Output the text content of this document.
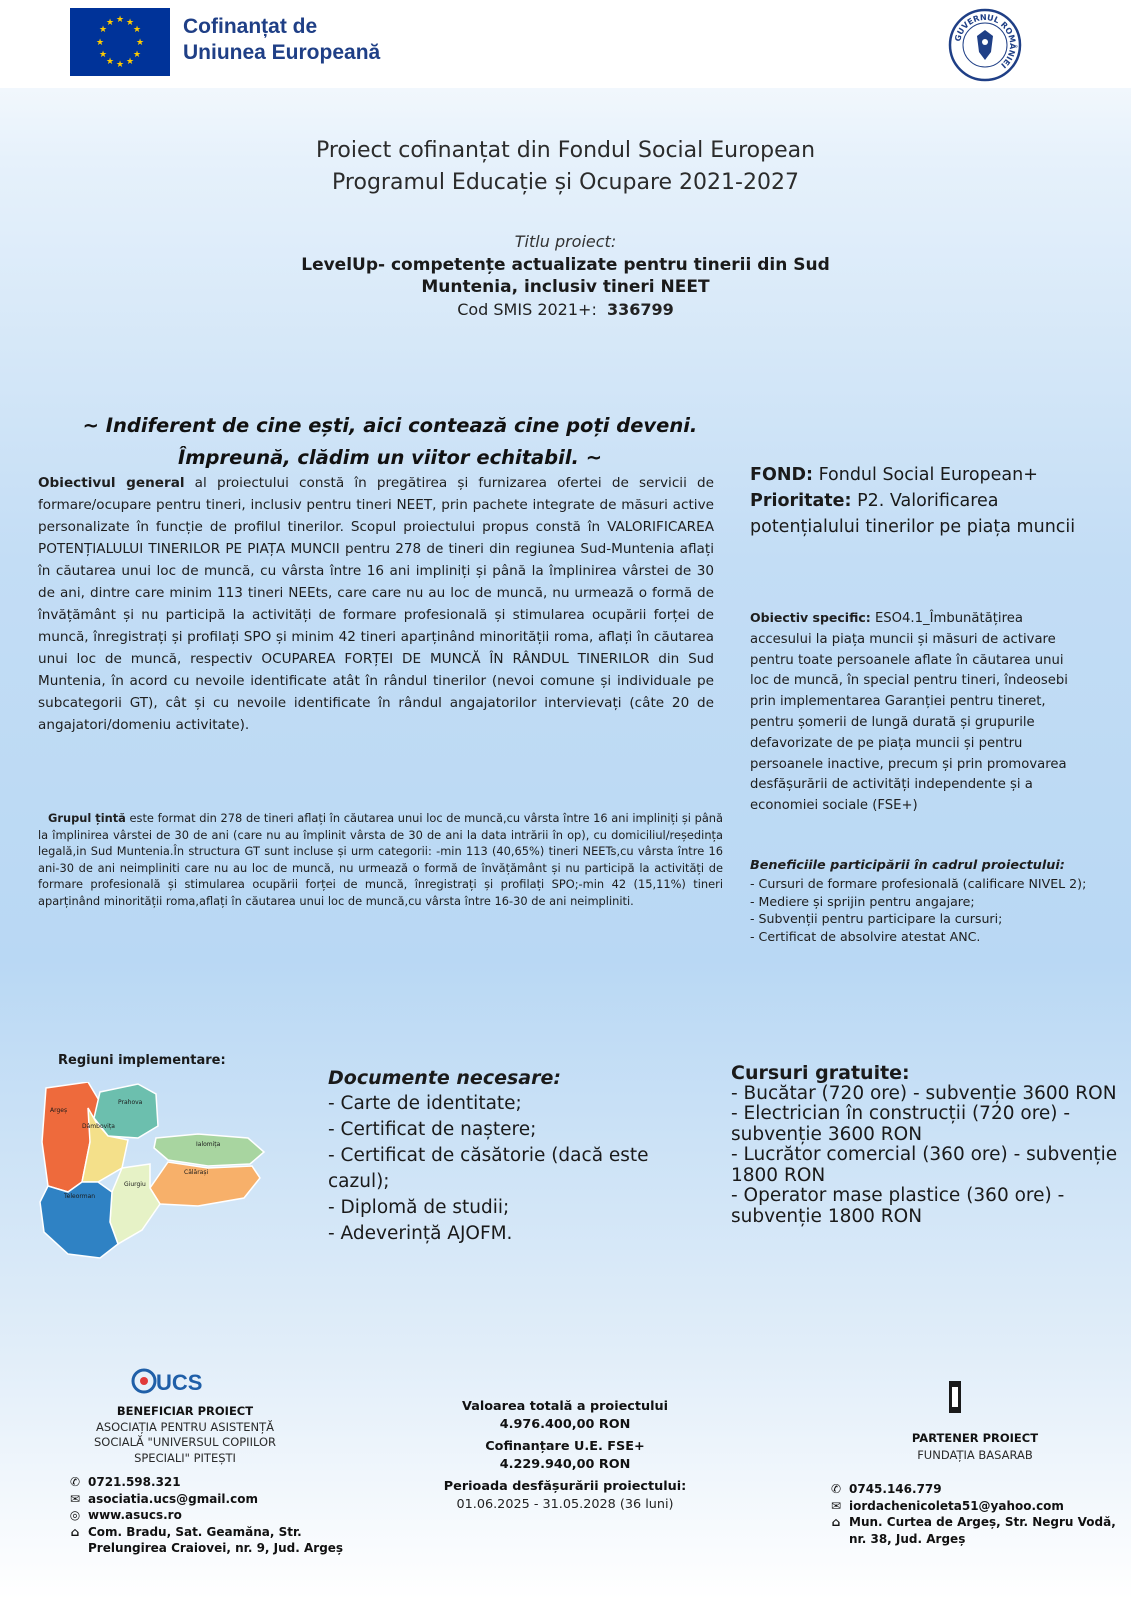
★ ★
★
★
★
★
★
★
★
★
★
★	Cofinanțat de
Uniunea Europeană
GUVERNUL ROMÂNIEI
Proiect cofinanțat din Fondul Social European
Programul Educație și Ocupare 2021-2027
Titlu proiect:
LevelUp- competențe actualizate pentru tinerii din Sud
Muntenia, inclusiv tineri NEET
Cod SMIS 2021+: 336799
~ Indiferent de cine ești, aici contează cine poți deveni.
Împreună, clădim un viitor echitabil. ~
Obiectivul general al proiectului constă în pregătirea și furnizarea ofertei de servicii de formare/ocupare pentru tineri, inclusiv pentru tineri NEET, prin pachete integrate de măsuri active personalizate în funcție de profilul tinerilor. Scopul proiectului propus constă în VALORIFICAREA POTENȚIALULUI TINERILOR PE PIAȚA MUNCII pentru 278 de tineri din regiunea Sud-Muntenia aflați în căutarea unui loc de muncă, cu vârsta între 16 ani impliniți și până la împlinirea vârstei de 30 de ani, dintre care minim 113 tineri NEEts, care care nu au loc de muncă, nu urmează o formă de învățământ și nu participă la activități de formare profesională și stimularea ocupării forței de muncă, înregistrați și profilați SPO și minim 42 tineri aparținând minorității roma, aflați în căutarea unui loc de muncă, respectiv OCUPAREA FORȚEI DE MUNCĂ ÎN RÂNDUL TINERILOR din Sud Muntenia, în acord cu nevoile identificate atât în rândul tinerilor (nevoi comune și individuale pe subcategorii GT), cât și cu nevoile identificate în rândul angajatorilor intervievați (câte 20 de angajatori/domeniu activitate).
Grupul țintă este format din 278 de tineri aflați în căutarea unui loc de muncă,cu vârsta între 16 ani impliniți și până la împlinirea vârstei de 30 de ani (care nu au împlinit vârsta de 30 de ani la data intrării în op), cu domiciliul/reședința legală,in Sud Muntenia.În structura GT sunt incluse și urm categorii: -min 113 (40,65%) tineri NEETs,cu vârsta între 16 ani-30 de ani neimpliniti care nu au loc de muncă, nu urmează o formă de învățământ și nu participă la activități de formare profesională și stimularea ocupării forței de muncă, înregistrați și profilați SPO;-min 42 (15,11%) tineri aparținând minorității roma,aflați în căutarea unui loc de muncă,cu vârsta între 16-30 de ani neimpliniti.
FOND: Fondul Social European+
Prioritate: P2. Valorificarea potențialului tinerilor pe piața muncii
Obiectiv specific: ESO4.1_Îmbunătățirea accesului la piața muncii și măsuri de activare pentru toate persoanele aflate în căutarea unui loc de muncă, în special pentru tineri, îndeosebi prin implementarea Garanției pentru tineret, pentru șomerii de lungă durată și grupurile defavorizate de pe piața muncii și pentru persoanele inactive, precum și prin promovarea desfășurării de activități independente și a economiei sociale (FSE+)
Beneficiile participării în cadrul proiectului:
- Cursuri de formare profesională (calificare NIVEL 2);
- Mediere și sprijin pentru angajare;
- Subvenții pentru participare la cursuri;
- Certificat de absolvire atestat ANC.
Regiuni implementare:
Argeș
Prahova
Dâmbovița
Ialomița
Călărași
Giurgiu
Teleorman
Documente necesare:
- Carte de identitate;
- Certificat de naștere;
- Certificat de căsătorie (dacă este cazul);
- Diplomă de studii;
- Adeverință AJOFM.
Cursuri gratuite:
- Bucătar (720 ore) - subvenție 3600 RON
- Electrician în construcții (720 ore) - subvenție 3600 RON
- Lucrător comercial (360 ore) - subvenție 1800 RON
- Operator mase plastice (360 ore) - subvenție 1800 RON
UCS
BENEFICIAR PROIECT
ASOCIAȚIA PENTRU ASISTENȚĂ
SOCIALĂ "UNIVERSUL COPIILOR
SPECIALI" PITEȘTI
✆ 0721.598.321
✉ asociatia.ucs@gmail.com
◎ www.asucs.ro
⌂ Com. Bradu, Sat. Geamăna, Str. Prelungirea Craiovei, nr. 9, Jud. Argeș
Valoarea totală a proiectului
4.976.400,00 RON
Cofinanțare U.E. FSE+
4.229.940,00 RON
Perioada desfășurării proiectului:
01.06.2025 - 31.05.2028 (36 luni)
PARTENER PROIECT
FUNDAȚIA BASARAB
✆ 0745.146.779
✉ iordachenicoleta51@yahoo.com
⌂ Mun. Curtea de Argeș, Str. Negru Vodă, nr. 38, Jud. Argeș
